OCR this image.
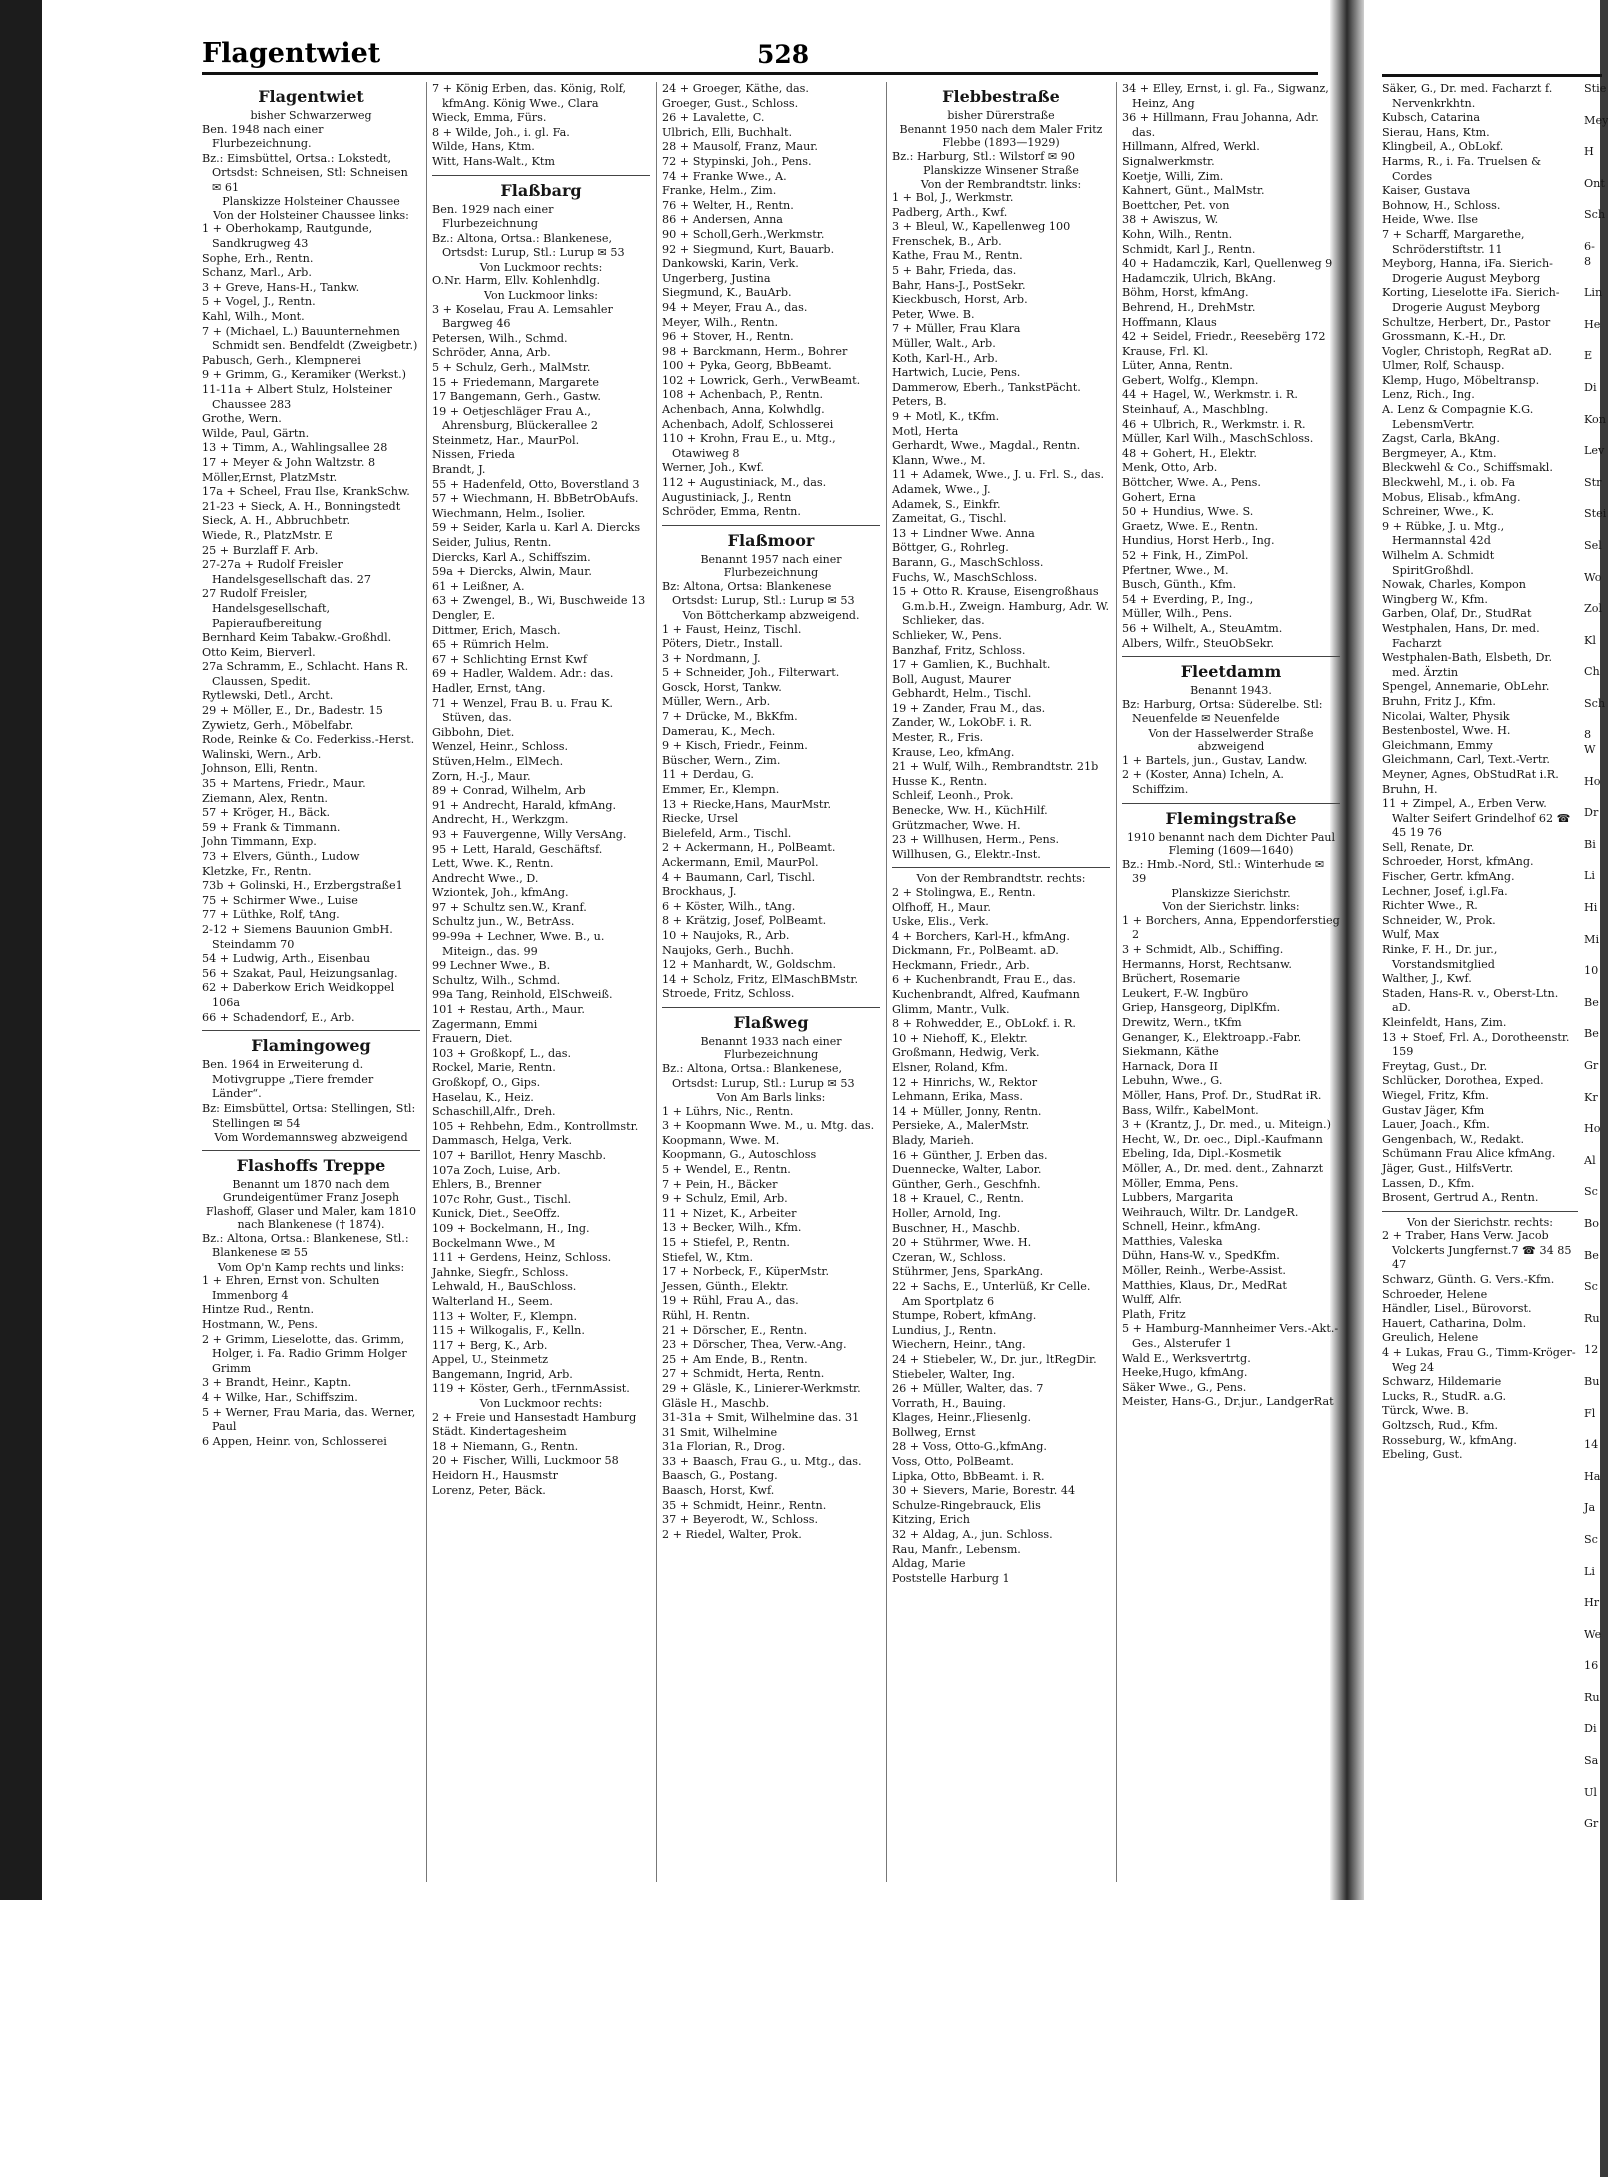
Flagentwiet	528
Flagentwiet
bisher Schwarzerweg
Ben. 1948 nach einer Flurbezeichnung.
Bz.: Eimsbüttel, Ortsa.: Lokstedt, Ortsdst: Schneisen, Stl: Schneisen ✉ 61
Planskizze Holsteiner Chaussee
Von der Holsteiner Chaussee links:
1 + Oberhokamp, Rautgunde, Sandkrugweg 43
Sophe, Erh., Rentn.
Schanz, Marl., Arb.
3 + Greve, Hans-H., Tankw.
5 + Vogel, J., Rentn.
Kahl, Wilh., Mont.
7 + (Michael, L.) Bauunternehmen Schmidt sen. Bendfeldt (Zweigbetr.)
Pabusch, Gerh., Klempnerei
9 + Grimm, G., Keramiker (Werkst.)
11-11a + Albert Stulz, Holsteiner Chaussee 283
Grothe, Wern.
Wilde, Paul, Gärtn.
13 + Timm, A., Wahlingsallee 28
17 + Meyer & John Waltzstr. 8
Möller,Ernst, PlatzMstr.
17a + Scheel, Frau Ilse, KrankSchw.
21-23 + Sieck, A. H., Bonningstedt
Sieck, A. H., Abbruchbetr.
Wiede, R., PlatzMstr. E
25 + Burzlaff F. Arb.
27-27a + Rudolf Freisler Handelsgesellschaft das. 27
27 Rudolf Freisler, Handelsgesellschaft, Papieraufbereitung
Bernhard Keim Tabakw.-Großhdl.
Otto Keim, Bierverl.
27a Schramm, E., Schlacht. Hans R. Claussen, Spedit.
Rytlewski, Detl., Archt.
29 + Möller, E., Dr., Badestr. 15
Zywietz, Gerh., Möbelfabr.
Rode, Reinke & Co. Federkiss.-Herst.
Walinski, Wern., Arb.
Johnson, Elli, Rentn.
35 + Martens, Friedr., Maur.
Ziemann, Alex, Rentn.
57 + Kröger, H., Bäck.
59 + Frank & Timmann.
John Timmann, Exp.
73 + Elvers, Günth., Ludow
Kletzke, Fr., Rentn.
73b + Golinski, H., Erzbergstraße1
75 + Schirmer Wwe., Luise
77 + Lüthke, Rolf, tAng.
2-12 + Siemens Bauunion GmbH. Steindamm 70
54 + Ludwig, Arth., Eisenbau
56 + Szakat, Paul, Heizungsanlag.
62 + Daberkow Erich Weidkoppel 106a
66 + Schadendorf, E., Arb.
Flamingoweg
Ben. 1964 in Erweiterung d. Motivgruppe „Tiere fremder Länder“.
Bz: Eimsbüttel, Ortsa: Stellingen, Stl: Stellingen ✉ 54
Vom Wordemannsweg abzweigend
Flashoffs Treppe
Benannt um 1870 nach dem Grundeigentümer Franz Joseph Flashoff, Glaser und Maler, kam 1810 nach Blankenese († 1874).
Bz.: Altona, Ortsa.: Blankenese, Stl.: Blankenese ✉ 55
Vom Op'n Kamp rechts und links:
1 + Ehren, Ernst von. Schulten Immenborg 4
Hintze Rud., Rentn.
Hostmann, W., Pens.
2 + Grimm, Lieselotte, das. Grimm, Holger, i. Fa. Radio Grimm Holger Grimm
3 + Brandt, Heinr., Kaptn.
4 + Wilke, Har., Schiffszim.
5 + Werner, Frau Maria, das. Werner, Paul
6 Appen, Heinr. von, Schlosserei
7 + König Erben, das. König, Rolf, kfmAng. König Wwe., Clara
Wieck, Emma, Fürs.
8 + Wilde, Joh., i. gl. Fa.
Wilde, Hans, Ktm.
Witt, Hans-Walt., Ktm
Flaßbarg
Ben. 1929 nach einer Flurbezeichnung
Bz.: Altona, Ortsa.: Blankenese, Ortsdst: Lurup, Stl.: Lurup ✉ 53
Von Luckmoor rechts:
O.Nr. Harm, Ellv. Kohlenhdlg.
Von Luckmoor links:
3 + Koselau, Frau A. Lemsahler Bargweg 46
Petersen, Wilh., Schmd.
Schröder, Anna, Arb.
5 + Schulz, Gerh., MalMstr.
15 + Friedemann, Margarete
17 Bangemann, Gerh., Gastw.
19 + Oetjeschläger Frau A., Ahrensburg, Blückerallee 2
Steinmetz, Har., MaurPol.
Nissen, Frieda
Brandt, J.
55 + Hadenfeld, Otto, Boverstland 3
57 + Wiechmann, H. BbBetrObAufs.
Wiechmann, Helm., Isolier.
59 + Seider, Karla u. Karl A. Diercks
Seider, Julius, Rentn.
Diercks, Karl A., Schiffszim.
59a + Diercks, Alwin, Maur.
61 + Leißner, A.
63 + Zwengel, B., Wi, Buschweide 13
Dengler, E.
Dittmer, Erich, Masch.
65 + Rümrich Helm.
67 + Schlichting Ernst Kwf
69 + Hadler, Waldem. Adr.: das.
Hadler, Ernst, tAng.
71 + Wenzel, Frau B. u. Frau K. Stüven, das.
Gibbohn, Diet.
Wenzel, Heinr., Schloss.
Stüven,Helm., ElMech.
Zorn, H.-J., Maur.
89 + Conrad, Wilhelm, Arb
91 + Andrecht, Harald, kfmAng.
Andrecht, H., Werkzgm.
93 + Fauvergenne, Willy VersAng.
95 + Lett, Harald, Geschäftsf.
Lett, Wwe. K., Rentn.
Andrecht Wwe., D.
Wziontek, Joh., kfmAng.
97 + Schultz sen.W., Kranf.
Schultz jun., W., BetrAss.
99-99a + Lechner, Wwe. B., u. Miteign., das. 99
99 Lechner Wwe., B.
Schultz, Wilh., Schmd.
99a Tang, Reinhold, ElSchweiß.
101 + Restau, Arth., Maur.
Zagermann, Emmi
Frauern, Diet.
103 + Großkopf, L., das.
Rockel, Marie, Rentn.
Großkopf, O., Gips.
Haselau, K., Heiz.
Schaschill,Alfr., Dreh.
105 + Rehbehn, Edm., Kontrollmstr.
Dammasch, Helga, Verk.
107 + Barillot, Henry Maschb.
107a Zoch, Luise, Arb.
Ehlers, B., Brenner
107c Rohr, Gust., Tischl.
Kunick, Diet., SeeOffz.
109 + Bockelmann, H., Ing.
Bockelmann Wwe., M
111 + Gerdens, Heinz, Schloss.
Jahnke, Siegfr., Schloss.
Lehwald, H., BauSchloss.
Walterland H., Seem.
113 + Wolter, F., Klempn.
115 + Wilkogalis, F., Kelln.
117 + Berg, K., Arb.
Appel, U., Steinmetz
Bangemann, Ingrid, Arb.
119 + Köster, Gerh., tFernmAssist.
Von Luckmoor rechts:
2 + Freie und Hansestadt Hamburg
Städt. Kindertagesheim
18 + Niemann, G., Rentn.
20 + Fischer, Willi, Luckmoor 58
Heidorn H., Hausmstr
Lorenz, Peter, Bäck.
24 + Groeger, Käthe, das.
Groeger, Gust., Schloss.
26 + Lavalette, C.
Ulbrich, Elli, Buchhalt.
28 + Mausolf, Franz, Maur.
72 + Stypinski, Joh., Pens.
74 + Franke Wwe., A.
Franke, Helm., Zim.
76 + Welter, H., Rentn.
86 + Andersen, Anna
90 + Scholl,Gerh.,Werkmstr.
92 + Siegmund, Kurt, Bauarb.
Dankowski, Karin, Verk.
Ungerberg, Justina
Siegmund, K., BauArb.
94 + Meyer, Frau A., das.
Meyer, Wilh., Rentn.
96 + Stover, H., Rentn.
98 + Barckmann, Herm., Bohrer
100 + Pyka, Georg, BbBeamt.
102 + Lowrick, Gerh., VerwBeamt.
108 + Achenbach, P., Rentn.
Achenbach, Anna, Kolwhdlg.
Achenbach, Adolf, Schlosserei
110 + Krohn, Frau E., u. Mtg., Otawiweg 8
Werner, Joh., Kwf.
112 + Augustiniack, M., das.
Augustiniack, J., Rentn
Schröder, Emma, Rentn.
Flaßmoor
Benannt 1957 nach einer Flurbezeichnung
Bz: Altona, Ortsa: Blankenese Ortsdst: Lurup, Stl.: Lurup ✉ 53
Von Böttcherkamp abzweigend.
1 + Faust, Heinz, Tischl.
Pöters, Dietr., Install.
3 + Nordmann, J.
5 + Schneider, Joh., Filterwart.
Gosck, Horst, Tankw.
Müller, Wern., Arb.
7 + Drücke, M., BkKfm.
Damerau, K., Mech.
9 + Kisch, Friedr., Feinm.
Büscher, Wern., Zim.
11 + Derdau, G.
Emmer, Er., Klempn.
13 + Riecke,Hans, MaurMstr.
Riecke, Ursel
Bielefeld, Arm., Tischl.
2 + Ackermann, H., PolBeamt.
Ackermann, Emil, MaurPol.
4 + Baumann, Carl, Tischl.
Brockhaus, J.
6 + Köster, Wilh., tAng.
8 + Krätzig, Josef, PolBeamt.
10 + Naujoks, R., Arb.
Naujoks, Gerh., Buchh.
12 + Manhardt, W., Goldschm.
14 + Scholz, Fritz, ElMaschBMstr.
Stroede, Fritz, Schloss.
Flaßweg
Benannt 1933 nach einer Flurbezeichnung
Bz.: Altona, Ortsa.: Blankenese, Ortsdst: Lurup, Stl.: Lurup ✉ 53
Von Am Barls links:
1 + Lührs, Nic., Rentn.
3 + Koopmann Wwe. M., u. Mtg. das.
Koopmann, Wwe. M.
Koopmann, G., Autoschloss
5 + Wendel, E., Rentn.
7 + Pein, H., Bäcker
9 + Schulz, Emil, Arb.
11 + Nizet, K., Arbeiter
13 + Becker, Wilh., Kfm.
15 + Stiefel, P., Rentn.
Stiefel, W., Ktm.
17 + Norbeck, F., KüperMstr.
Jessen, Günth., Elektr.
19 + Rühl, Frau A., das.
Rühl, H. Rentn.
21 + Dörscher, E., Rentn.
23 + Dörscher, Thea, Verw.-Ang.
25 + Am Ende, B., Rentn.
27 + Schmidt, Herta, Rentn.
29 + Gläsle, K., Linierer-Werkmstr.
Gläsle H., Maschb.
31-31a + Smit, Wilhelmine das. 31
31 Smit, Wilhelmine
31a Florian, R., Drog.
33 + Baasch, Frau G., u. Mtg., das.
Baasch, G., Postang.
Baasch, Horst, Kwf.
35 + Schmidt, Heinr., Rentn.
37 + Beyerodt, W., Schloss.
2 + Riedel, Walter, Prok.
Flebbestraße
bisher Dürerstraße
Benannt 1950 nach dem Maler Fritz Flebbe (1893—1929)
Bz.: Harburg, Stl.: Wilstorf ✉ 90
Planskizze Winsener Straße
Von der Rembrandtstr. links:
1 + Bol, J., Werkmstr.
Padberg, Arth., Kwf.
3 + Bleul, W., Kapellenweg 100
Frenschek, B., Arb.
Kathe, Frau M., Rentn.
5 + Bahr, Frieda, das.
Bahr, Hans-J., PostSekr.
Kieckbusch, Horst, Arb.
Peter, Wwe. B.
7 + Müller, Frau Klara
Müller, Walt., Arb.
Koth, Karl-H., Arb.
Hartwich, Lucie, Pens.
Dammerow, Eberh., TankstPächt.
Peters, B.
9 + Motl, K., tKfm.
Motl, Herta
Gerhardt, Wwe., Magdal., Rentn.
Klann, Wwe., M.
11 + Adamek, Wwe., J. u. Frl. S., das.
Adamek, Wwe., J.
Adamek, S., Einkfr.
Zameitat, G., Tischl.
13 + Lindner Wwe. Anna
Böttger, G., Rohrleg.
Barann, G., MaschSchloss.
Fuchs, W., MaschSchloss.
15 + Otto R. Krause, Eisengroßhaus G.m.b.H., Zweign. Hamburg, Adr. W. Schlieker, das.
Schlieker, W., Pens.
Banzhaf, Fritz, Schloss.
17 + Gamlien, K., Buchhalt.
Boll, August, Maurer
Gebhardt, Helm., Tischl.
19 + Zander, Frau M., das.
Zander, W., LokObF. i. R.
Mester, R., Fris.
Krause, Leo, kfmAng.
21 + Wulf, Wilh., Rembrandtstr. 21b
Husse K., Rentn.
Schleif, Leonh., Prok.
Benecke, Ww. H., KüchHilf.
Grützmacher, Wwe. H.
23 + Willhusen, Herm., Pens.
Willhusen, G., Elektr.-Inst.
Von der Rembrandtstr. rechts:
2 + Stolingwa, E., Rentn.
Olfhoff, H., Maur.
Uske, Elis., Verk.
4 + Borchers, Karl-H., kfmAng.
Dickmann, Fr., PolBeamt. aD.
Heckmann, Friedr., Arb.
6 + Kuchenbrandt, Frau E., das.
Kuchenbrandt, Alfred, Kaufmann
Glimm, Mantr., Vulk.
8 + Rohwedder, E., ObLokf. i. R.
10 + Niehoff, K., Elektr.
Großmann, Hedwig, Verk.
Elsner, Roland, Kfm.
12 + Hinrichs, W., Rektor
Lehmann, Erika, Mass.
14 + Müller, Jonny, Rentn.
Persieke, A., MalerMstr.
Blady, Marieh.
16 + Günther, J. Erben das.
Duennecke, Walter, Labor.
Günther, Gerh., Geschfnh.
18 + Krauel, C., Rentn.
Holler, Arnold, Ing.
Buschner, H., Maschb.
20 + Stührmer, Wwe. H.
Czeran, W., Schloss.
Stührmer, Jens, SparkAng.
22 + Sachs, E., Unterlüß, Kr Celle. Am Sportplatz 6
Stumpe, Robert, kfmAng.
Lundius, J., Rentn.
Wiechern, Heinr., tAng.
24 + Stiebeler, W., Dr. jur., ltRegDir.
Stiebeler, Walter, Ing.
26 + Müller, Walter, das. 7
Vorrath, H., Bauing.
Klages, Heinr.,Fliesenlg.
Bollweg, Ernst
28 + Voss, Otto-G.,kfmAng.
Voss, Otto, PolBeamt.
Lipka, Otto, BbBeamt. i. R.
30 + Sievers, Marie, Borestr. 44
Schulze-Ringebrauck, Elis
Kitzing, Erich
32 + Aldag, A., jun. Schloss.
Rau, Manfr., Lebensm.
Aldag, Marie
Poststelle Harburg 1
34 + Elley, Ernst, i. gl. Fa., Sigwanz, Heinz, Ang
36 + Hillmann, Frau Johanna, Adr. das.
Hillmann, Alfred, Werkl.
Signalwerkmstr.
Koetje, Willi, Zim.
Kahnert, Günt., MalMstr.
Boettcher, Pet. von
38 + Awiszus, W.
Kohn, Wilh., Rentn.
Schmidt, Karl J., Rentn.
40 + Hadamczik, Karl, Quellenweg 9
Hadamczik, Ulrich, BkAng.
Böhm, Horst, kfmAng.
Behrend, H., DrehMstr.
Hoffmann, Klaus
42 + Seidel, Friedr., Reesebërg 172
Krause, Frl. Kl.
Lüter, Anna, Rentn.
Gebert, Wolfg., Klempn.
44 + Hagel, W., Werkmstr. i. R.
Steinhauf, A., Maschblng.
46 + Ulbrich, R., Werkmstr. i. R.
Müller, Karl Wilh., MaschSchloss.
48 + Gohert, H., Elektr.
Menk, Otto, Arb.
Böttcher, Wwe. A., Pens.
Gohert, Erna
50 + Hundius, Wwe. S.
Graetz, Wwe. E., Rentn.
Hundius, Horst Herb., Ing.
52 + Fink, H., ZimPol.
Pfertner, Wwe., M.
Busch, Günth., Kfm.
54 + Everding, P., Ing.,
Müller, Wilh., Pens.
56 + Wilhelt, A., SteuAmtm.
Albers, Wilfr., SteuObSekr.
Fleetdamm
Benannt 1943.
Bz: Harburg, Ortsa: Süderelbe. Stl: Neuenfelde ✉ Neuenfelde
Von der Hasselwerder Straße abzweigend
1 + Bartels, jun., Gustav, Landw.
2 + (Koster, Anna) Icheln, A. Schiffzim.
Flemingstraße
1910 benannt nach dem Dichter Paul Fleming (1609—1640)
Bz.: Hmb.-Nord, Stl.: Winterhude ✉ 39
Planskizze Sierichstr.
Von der Sierichstr. links:
1 + Borchers, Anna, Eppendorferstieg 2
3 + Schmidt, Alb., Schiffing.
Hermanns, Horst, Rechtsanw.
Brüchert, Rosemarie
Leukert, F.-W. Ingbüro
Griep, Hansgeorg, DiplKfm.
Drewitz, Wern., tKfm
Genanger, K., Elektroapp.-Fabr.
Siekmann, Käthe
Harnack, Dora II
Lebuhn, Wwe., G.
Möller, Hans, Prof. Dr., StudRat iR.
Bass, Wilfr., KabelMont.
3 + (Krantz, J., Dr. med., u. Miteign.)
Hecht, W., Dr. oec., Dipl.-Kaufmann
Ebeling, Ida, Dipl.-Kosmetik
Möller, A., Dr. med. dent., Zahnarzt
Möller, Emma, Pens.
Lubbers, Margarita
Weihrauch, Wiltr. Dr. LandgeR.
Schnell, Heinr., kfmAng.
Matthies, Valeska
Dühn, Hans-W. v., SpedKfm.
Möller, Reinh., Werbe-Assist.
Matthies, Klaus, Dr., MedRat
Wulff, Alfr.
Plath, Fritz
5 + Hamburg-Mannheimer Vers.-Akt.-Ges., Alsterufer 1
Wald E., Werksvertrtg.
Heeke,Hugo, kfmAng.
Säker Wwe., G., Pens.
Meister, Hans-G., Dr.jur., LandgerRat
Säker, G., Dr. med. Facharzt f. Nervenkrkhtn.
Kubsch, Catarina
Sierau, Hans, Ktm.
Klingbeil, A., ObLokf.
Harms, R., i. Fa. Truelsen & Cordes
Kaiser, Gustava
Bohnow, H., Schloss.
Heide, Wwe. Ilse
7 + Scharff, Margarethe, Schröderstiftstr. 11
Meyborg, Hanna, iFa. Sierich-Drogerie August Meyborg
Korting, Lieselotte iFa. Sierich-Drogerie August Meyborg
Schultze, Herbert, Dr., Pastor
Grossmann, K.-H., Dr.
Vogler, Christoph, RegRat aD.
Ulmer, Rolf, Schausp.
Klemp, Hugo, Möbeltransp.
Lenz, Rich., Ing.
A. Lenz & Compagnie K.G. LebensmVertr.
Zagst, Carla, BkAng.
Bergmeyer, A., Ktm.
Bleckwehl & Co., Schiffsmakl.
Bleckwehl, M., i. ob. Fa
Mobus, Elisab., kfmAng.
Schreiner, Wwe., K.
9 + Rübke, J. u. Mtg., Hermannstal 42d
Wilhelm A. Schmidt SpiritGroßhdl.
Nowak, Charles, Kompon
Wingberg W., Kfm.
Garben, Olaf, Dr., StudRat
Westphalen, Hans, Dr. med. Facharzt
Westphalen-Bath, Elsbeth, Dr. med. Ärztin
Spengel, Annemarie, ObLehr.
Bruhn, Fritz J., Kfm.
Nicolai, Walter, Physik
Bestenbostel, Wwe. H.
Gleichmann, Emmy
Gleichmann, Carl, Text.-Vertr.
Meyner, Agnes, ObStudRat i.R.
Bruhn, H.
11 + Zimpel, A., Erben Verw. Walter Seifert Grindelhof 62 ☎ 45 19 76
Sell, Renate, Dr.
Schroeder, Horst, kfmAng.
Fischer, Gertr. kfmAng.
Lechner, Josef, i.gl.Fa.
Richter Wwe., R.
Schneider, W., Prok.
Wulf, Max
Rinke, F. H., Dr. jur., Vorstandsmitglied
Walther, J., Kwf.
Staden, Hans-R. v., Oberst-Ltn. aD.
Kleinfeldt, Hans, Zim.
13 + Stoef, Frl. A., Dorotheenstr. 159
Freytag, Gust., Dr.
Schlücker, Dorothea, Exped.
Wiegel, Fritz, Kfm.
Gustav Jäger, Kfm
Lauer, Joach., Kfm.
Gengenbach, W., Redakt.
Schümann Frau Alice kfmAng.
Jäger, Gust., HilfsVertr.
Lassen, D., Kfm.
Brosent, Gertrud A., Rentn.
Von der Sierichstr. rechts:
2 + Traber, Hans Verw. Jacob Volckerts Jungfernst.7 ☎ 34 85 47
Schwarz, Günth. G. Vers.-Kfm.
Schroeder, Helene
Händler, Lisel., Bürovorst.
Hauert, Catharina, Dolm.
Greulich, Helene
4 + Lukas, Frau G., Timm-Kröger-Weg 24
Schwarz, Hildemarie
Lucks, R., StudR. a.G.
Türck, Wwe. B.
Goltzsch, Rud., Kfm.
Rosseburg, W., kfmAng.
Ebeling, Gust.
Stie
Mey
H
Ont
Sch
6-8
Lin
He
E
Di
Kon
Lev
Str
Stei
Sel
Wo
Zol
Kl
Ch
Sch
8 W
Ho
Dr
Bi
Li
Hi
Mi
10
Be
Be
Gr
Kr
Ho
Al
Sc
Bo
Be
Sc
Ru
12
Bu
Fl
14
Ha
Ja
Sc
Li
Hr
We
16
Ru
Di
Sa
Ul
Gr
